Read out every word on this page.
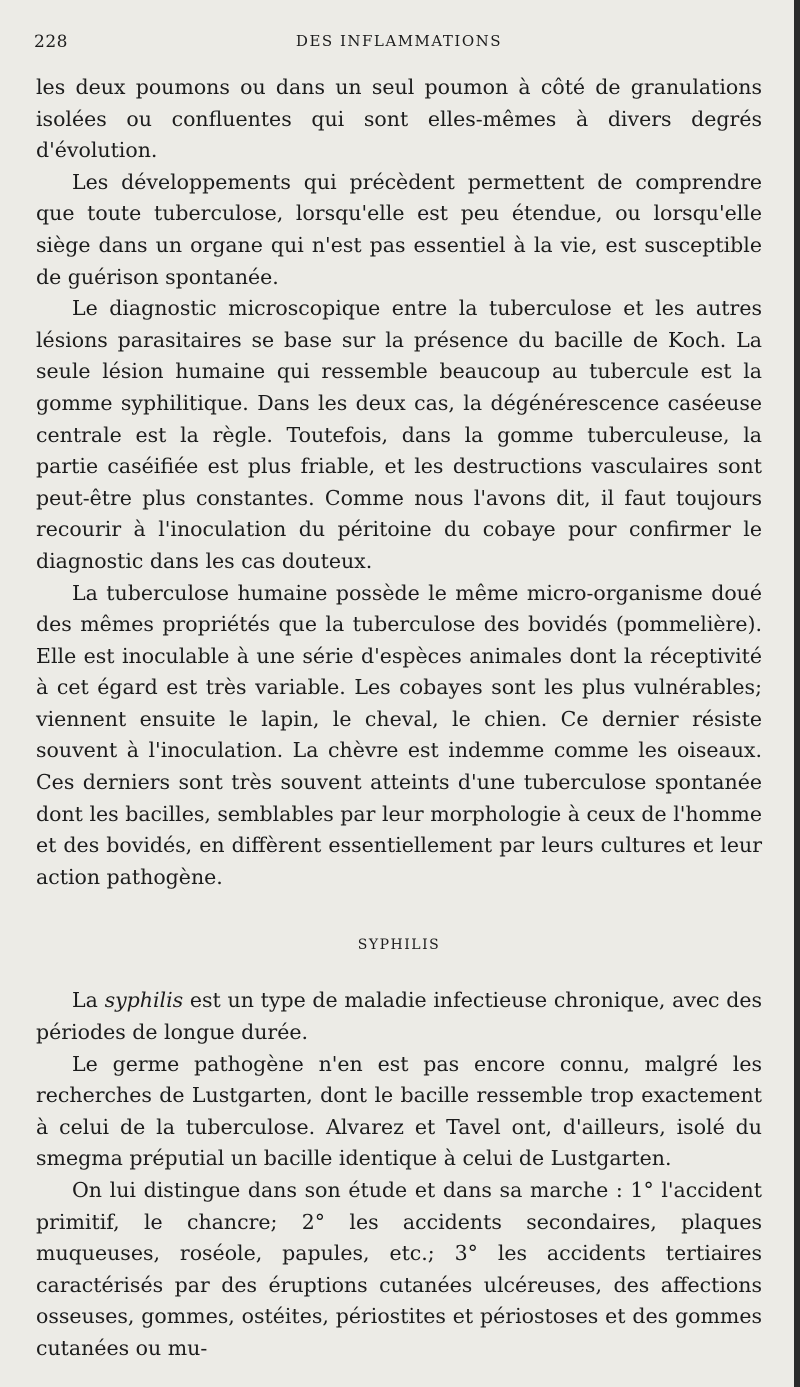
228	DES INFLAMMATIONS

les deux poumons ou dans un seul poumon à côté de granulations isolées ou confluentes qui sont elles-mêmes à divers degrés d'évolution.

Les développements qui précèdent permettent de comprendre que toute tuberculose, lorsqu'elle est peu étendue, ou lorsqu'elle siège dans un organe qui n'est pas essentiel à la vie, est susceptible de guérison spontanée.

Le diagnostic microscopique entre la tuberculose et les autres lésions parasitaires se base sur la présence du bacille de Koch. La seule lésion humaine qui ressemble beaucoup au tubercule est la gomme syphilitique. Dans les deux cas, la dégénérescence caséeuse centrale est la règle. Toutefois, dans la gomme tuberculeuse, la partie caséifiée est plus friable, et les destructions vasculaires sont peut-être plus constantes. Comme nous l'avons dit, il faut toujours recourir à l'inoculation du péritoine du cobaye pour confirmer le diagnostic dans les cas douteux.

La tuberculose humaine possède le même micro-organisme doué des mêmes propriétés que la tuberculose des bovidés (pommelière). Elle est inoculable à une série d'espèces animales dont la réceptivité à cet égard est très variable. Les cobayes sont les plus vulnérables; viennent ensuite le lapin, le cheval, le chien. Ce dernier résiste souvent à l'inoculation. La chèvre est indemme comme les oiseaux. Ces derniers sont très souvent atteints d'une tuberculose spontanée dont les bacilles, semblables par leur morphologie à ceux de l'homme et des bovidés, en diffèrent essentiellement par leurs cultures et leur action pathogène.

SYPHILIS

La syphilis est un type de maladie infectieuse chronique, avec des périodes de longue durée.

Le germe pathogène n'en est pas encore connu, malgré les recherches de Lustgarten, dont le bacille ressemble trop exactement à celui de la tuberculose. Alvarez et Tavel ont, d'ailleurs, isolé du smegma préputial un bacille identique à celui de Lustgarten.

On lui distingue dans son étude et dans sa marche : 1° l'accident primitif, le chancre; 2° les accidents secondaires, plaques muqueuses, roséole, papules, etc.; 3° les accidents tertiaires caractérisés par des éruptions cutanées ulcéreuses, des affections osseuses, gommes, ostéites, périostites et périostoses et des gommes cutanées ou mu-
